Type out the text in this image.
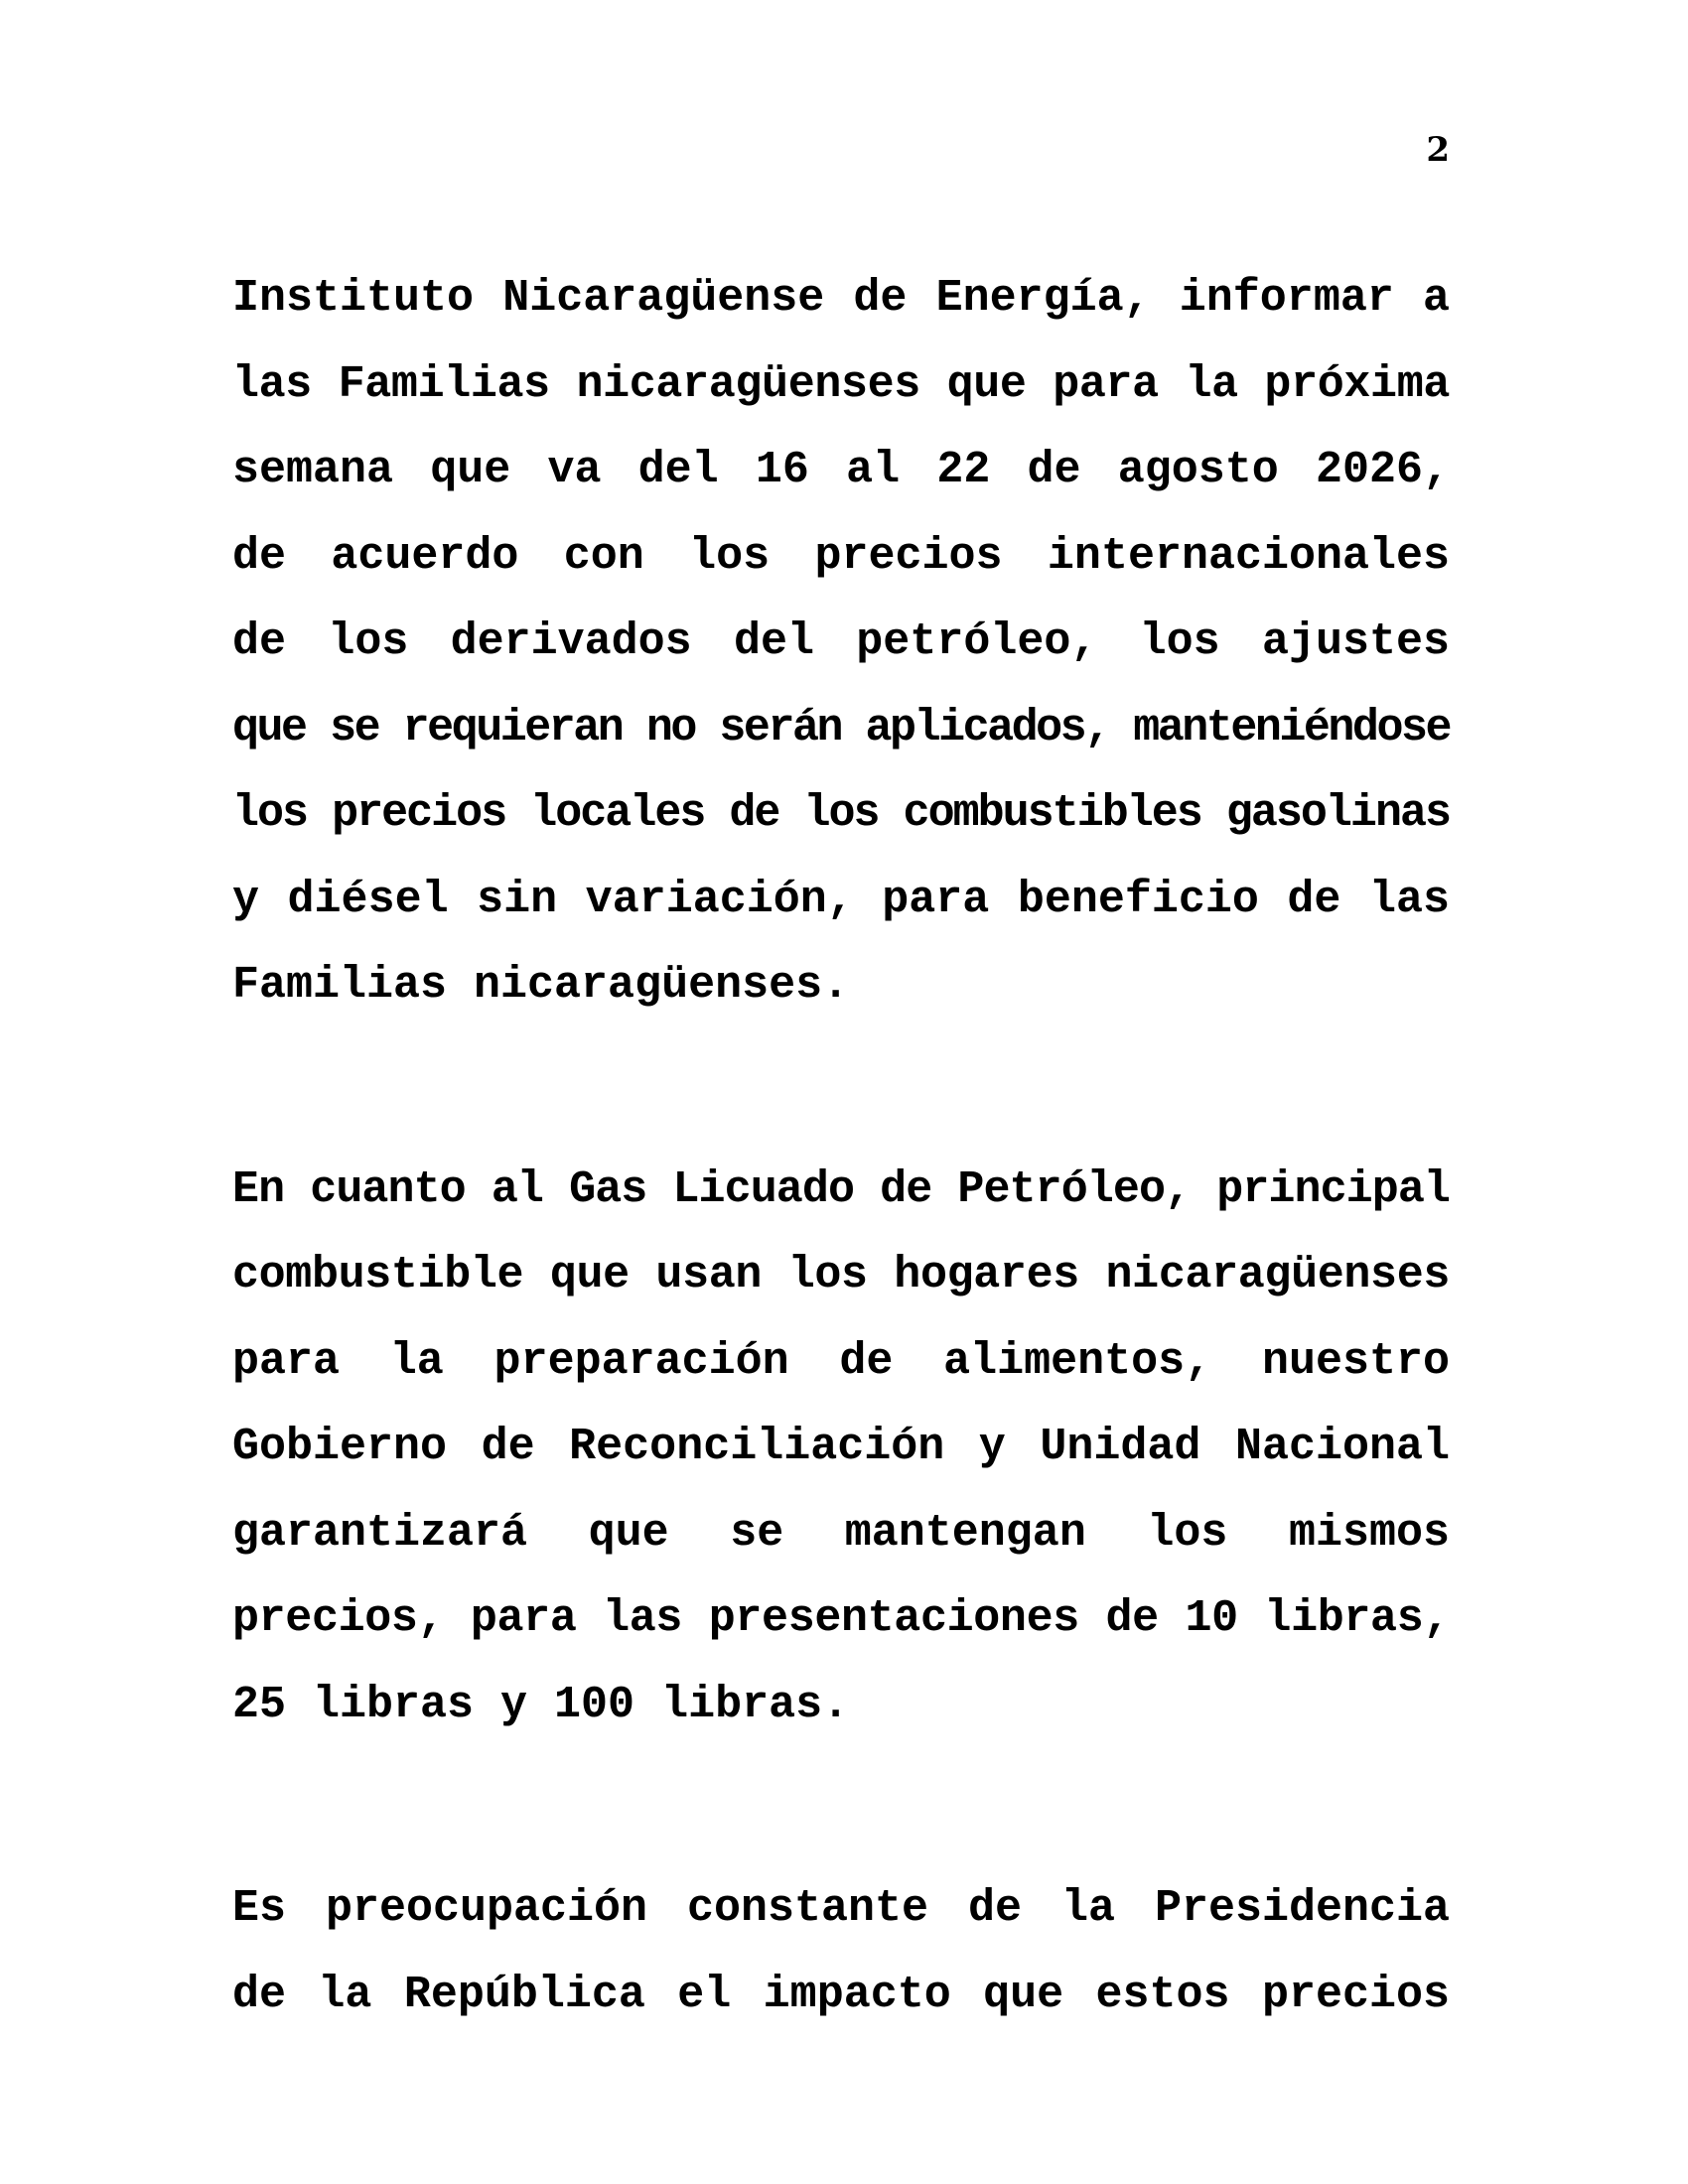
2
Instituto Nicaragüense de Energía, informar a
las Familias nicaragüenses que para la próxima
semana que va del 16 al 22 de agosto 2026,
de acuerdo con los precios internacionales
de los derivados del petróleo, los ajustes
que se requieran no serán aplicados, manteniéndose
los precios locales de los combustibles gasolinas
y diésel sin variación, para beneficio de las
Familias nicaragüenses.
En cuanto al Gas Licuado de Petróleo, principal
combustible que usan los hogares nicaragüenses
para la preparación de alimentos, nuestro
Gobierno de Reconciliación y Unidad Nacional
garantizará que se mantengan los mismos
precios, para las presentaciones de 10 libras,
25 libras y 100 libras.
Es preocupación constante de la Presidencia
de la República el impacto que estos precios
